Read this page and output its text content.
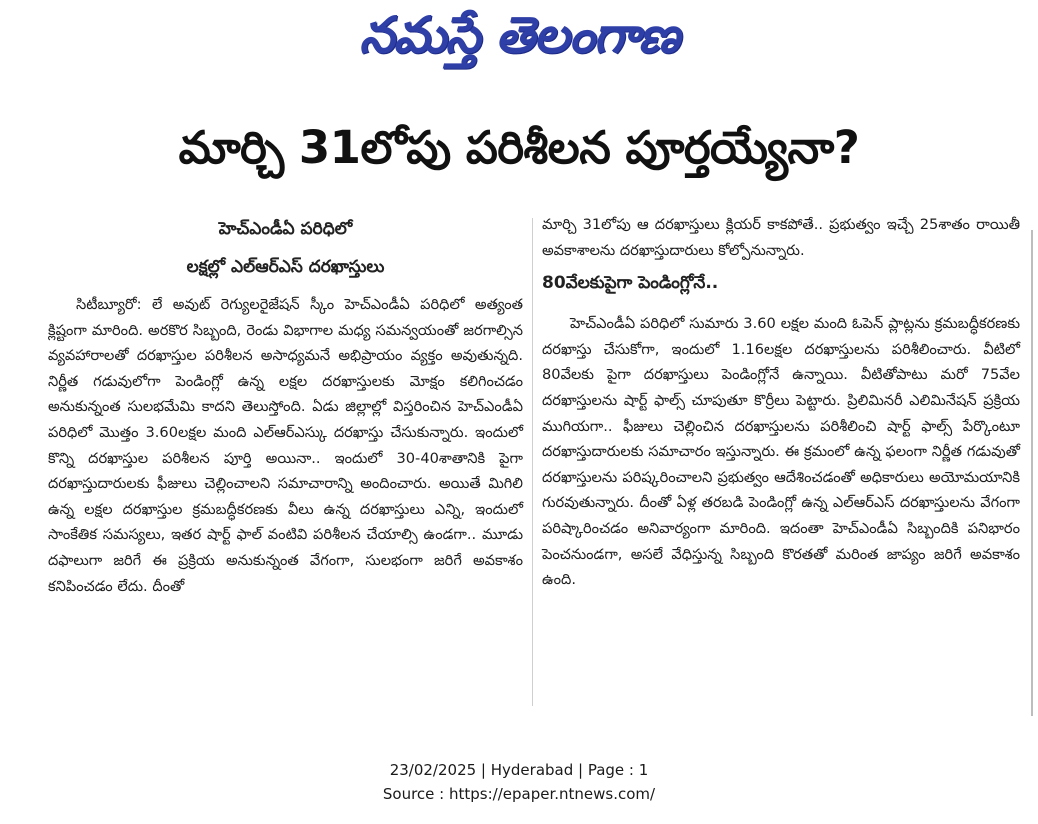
నమస్తే తెలంగాణ
మార్చి 31లోపు పరిశీలన పూర్తయ్యేనా?
హెచ్ఎండీఏ పరిధిలో
లక్షల్లో ఎల్ఆర్ఎస్ దరఖాస్తులు

సిటీబ్యూరో: లే అవుట్ రెగ్యులరైజేషన్ స్కీం హెచ్ఎండీఏ పరిధిలో అత్యంత క్లిష్టంగా మారింది. అరకొర సిబ్బంది, రెండు విభాగాల మధ్య సమన్వయంతో జరగాల్సిన వ్యవహారాలతో దరఖాస్తుల పరిశీలన అసాధ్యమనే అభిప్రాయం వ్యక్తం అవుతున్నది. నిర్ణీత గడువులోగా పెండింగ్లో ఉన్న లక్షల దరఖాస్తులకు మోక్షం కలిగించడం అనుకున్నంత సులభమేమి కాదని తెలుస్తోంది. ఏడు జిల్లాల్లో విస్తరించిన హెచ్ఎండీఏ పరిధిలో మొత్తం 3.60లక్షల మంది ఎల్ఆర్ఎస్కు దరఖాస్తు చేసుకున్నారు. ఇందులో కొన్ని దరఖాస్తుల పరిశీలన పూర్తి అయినా.. ఇందులో 30-40శాతానికి పైగా దరఖాస్తుదారులకు ఫీజులు చెల్లించాలని సమాచారాన్ని అందించారు. అయితే మిగిలి ఉన్న లక్షల దరఖాస్తుల క్రమబద్ధీకరణకు వీలు ఉన్న దరఖాస్తులు ఎన్ని, ఇందులో సాంకేతిక సమస్యలు, ఇతర షార్ట్ ఫాల్ వంటివి పరిశీలన చేయాల్సి ఉండగా.. మూడు దఫాలుగా జరిగే ఈ ప్రక్రియ అనుకున్నంత వేగంగా, సులభంగా జరిగే అవకాశం కనిపించడం లేదు. దీంతో

మార్చి 31లోపు ఆ దరఖాస్తులు క్లియర్ కాకపోతే.. ప్రభుత్వం ఇచ్చే 25శాతం రాయితీ అవకాశాలను దరఖాస్తుదారులు కోల్పోనున్నారు.

80వేలకుపైగా పెండింగ్లోనే..

హెచ్ఎండీఏ పరిధిలో సుమారు 3.60 లక్షల మంది ఓపెన్ ప్లాట్లను క్రమబద్ధీకరణకు దరఖాస్తు చేసుకోగా, ఇందులో 1.16లక్షల దరఖాస్తులను పరిశీలించారు. వీటిలో 80వేలకు పైగా దరఖాస్తులు పెండింగ్లోనే ఉన్నాయి. వీటితోపాటు మరో 75వేల దరఖాస్తులను షార్ట్ ఫాల్స్ చూపుతూ కొర్రీలు పెట్టారు. ప్రిలిమినరీ ఎలిమినేషన్ ప్రక్రియ ముగియగా.. ఫీజులు చెల్లించిన దరఖాస్తులను పరిశీలించి షార్ట్ ఫాల్స్ పేర్కొంటూ దరఖాస్తుదారులకు సమాచారం ఇస్తున్నారు. ఈ క్రమంలో ఉన్న ఫలంగా నిర్ణీత గడువుతో దరఖాస్తులను పరిష్కరించాలని ప్రభుత్వం ఆదేశించడంతో అధికారులు అయోమయానికి గురవుతున్నారు. దీంతో ఏళ్ల తరబడి పెండింగ్లో ఉన్న ఎల్ఆర్ఎస్ దరఖాస్తులను వేగంగా పరిష్కారించడం అనివార్యంగా మారింది. ఇదంతా హెచ్ఎండీఏ సిబ్బందికి పనిభారం పెంచనుండగా, అసలే వేధిస్తున్న సిబ్బంది కొరతతో మరింత జాప్యం జరిగే అవకాశం ఉంది.

23/02/2025 | Hyderabad | Page : 1
Source : https://epaper.ntnews.com/
